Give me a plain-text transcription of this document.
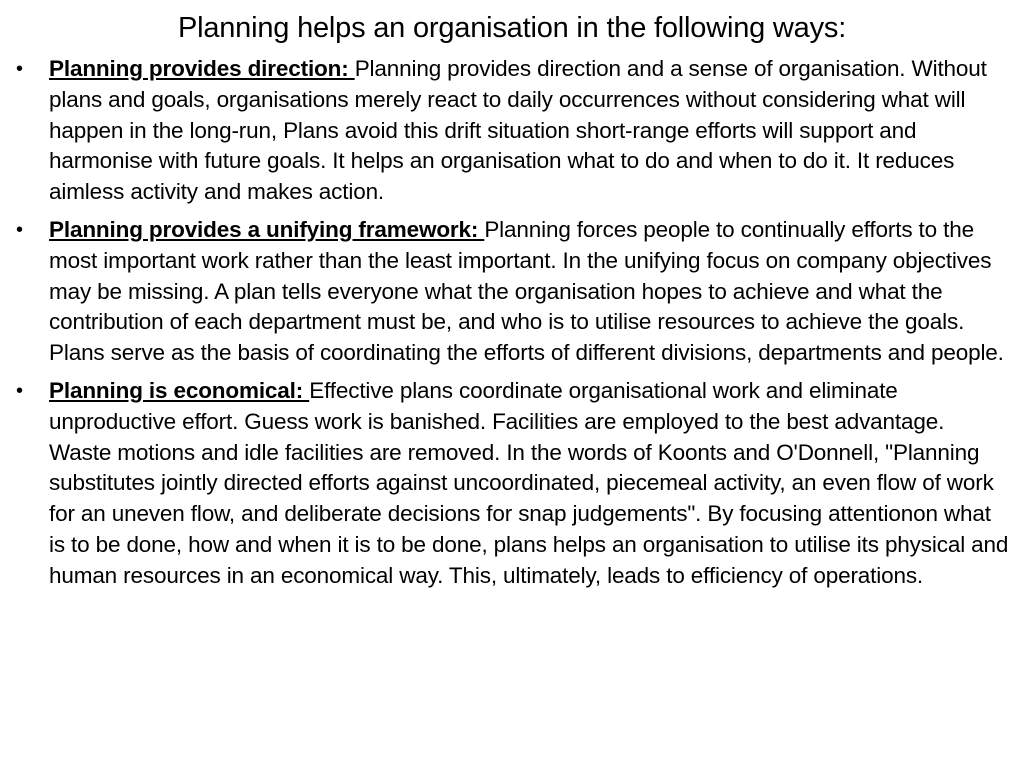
Planning helps an organisation in the following ways:
• Planning provides direction: Planning provides direction and a sense of organisation. Without plans and goals, organisations merely react to daily occurrences without considering what will happen in the long-run, Plans avoid this drift situation short-range efforts will support and harmonise with future goals. It helps an organisation what to do and when to do it. It reduces aimless activity and makes action.
• Planning provides a unifying framework: Planning forces people to continually efforts to the most important work rather than the least important. In the unifying focus on company objectives may be missing. A plan tells everyone what the organisation hopes to achieve and what the contribution of each department must be, and who is to utilise resources to achieve the goals. Plans serve as the basis of coordinating the efforts of different divisions, departments and people.
• Planning is economical: Effective plans coordinate organisational work and eliminate unproductive effort. Guess work is banished. Facilities are employed to the best advantage. Waste motions and idle facilities are removed. In the words of Koonts and O'Donnell, "Planning substitutes jointly directed efforts against uncoordinated, piecemeal activity, an even flow of work for an uneven flow, and deliberate decisions for snap judgements". By focusing attentionon what is to be done, how and when it is to be done, plans helps an organisation to utilise its physical and human resources in an economical way. This, ultimately, leads to efficiency of operations.
